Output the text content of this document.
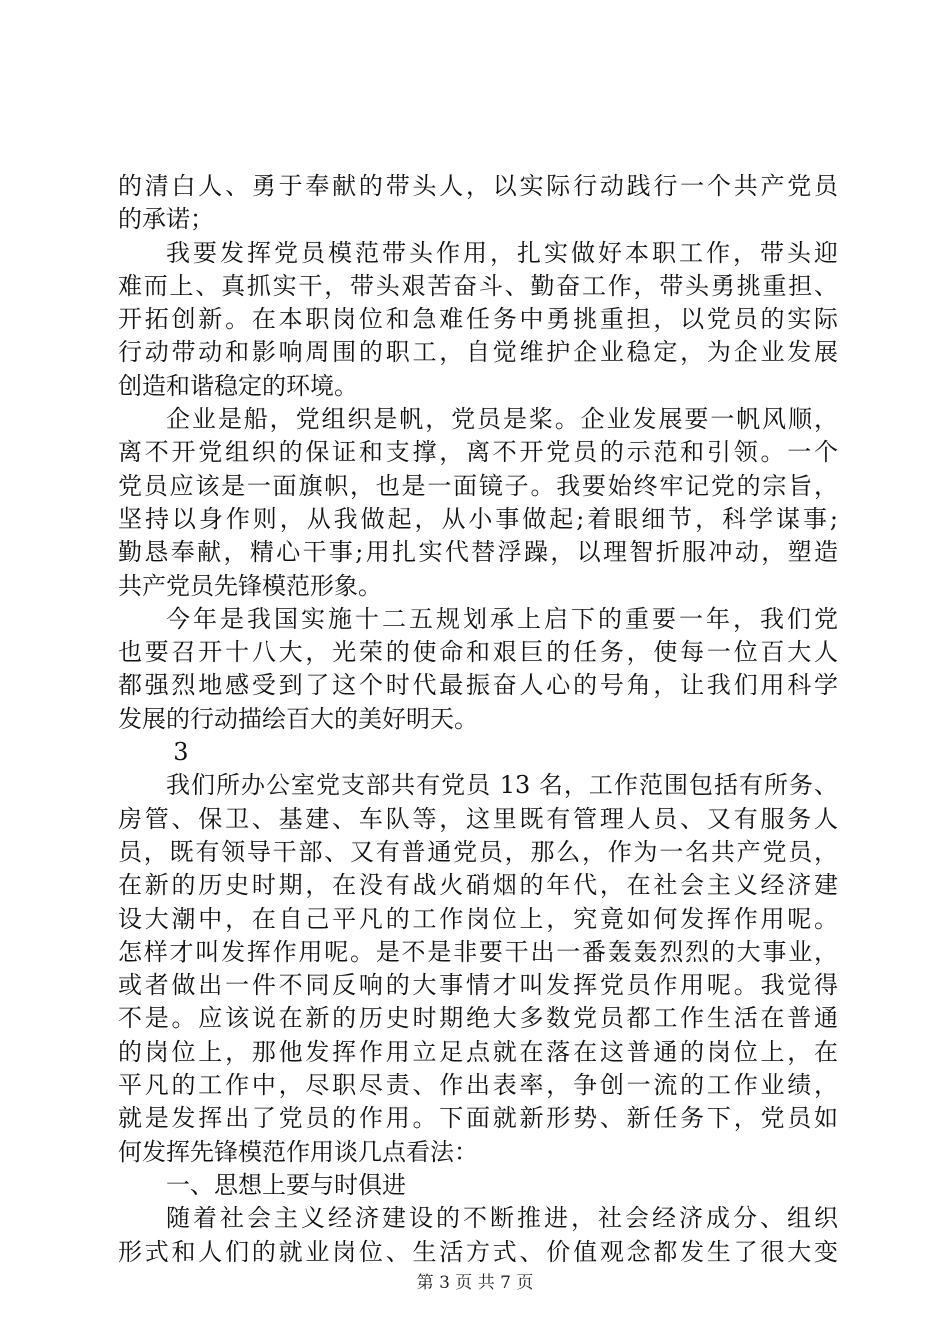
的清白人、勇于奉献的带头人，以实际行动践行一个共产党员
的承诺；
我要发挥党员模范带头作用，扎实做好本职工作，带头迎
难而上、真抓实干，带头艰苦奋斗、勤奋工作，带头勇挑重担、
开拓创新。在本职岗位和急难任务中勇挑重担，以党员的实际
行动带动和影响周围的职工，自觉维护企业稳定，为企业发展
创造和谐稳定的环境。
企业是船，党组织是帆，党员是桨。企业发展要一帆风顺，
离不开党组织的保证和支撑，离不开党员的示范和引领。一个
党员应该是一面旗帜，也是一面镜子。我要始终牢记党的宗旨，
坚持以身作则，从我做起，从小事做起;着眼细节，科学谋事;
勤恳奉献，精心干事;用扎实代替浮躁，以理智折服冲动，塑造
共产党员先锋模范形象。
今年是我国实施十二五规划承上启下的重要一年，我们党
也要召开十八大，光荣的使命和艰巨的任务，使每一位百大人
都强烈地感受到了这个时代最振奋人心的号角，让我们用科学
发展的行动描绘百大的美好明天。
3
我们所办公室党支部共有党员 13 名，工作范围包括有所务、
房管、保卫、基建、车队等，这里既有管理人员、又有服务人
员，既有领导干部、又有普通党员，那么，作为一名共产党员，
在新的历史时期，在没有战火硝烟的年代，在社会主义经济建
设大潮中，在自己平凡的工作岗位上，究竟如何发挥作用呢。
怎样才叫发挥作用呢。是不是非要干出一番轰轰烈烈的大事业，
或者做出一件不同反响的大事情才叫发挥党员作用呢。我觉得
不是。应该说在新的历史时期绝大多数党员都工作生活在普通
的岗位上，那他发挥作用立足点就在落在这普通的岗位上，在
平凡的工作中，尽职尽责、作出表率，争创一流的工作业绩，
就是发挥出了党员的作用。下面就新形势、新任务下，党员如
何发挥先锋模范作用谈几点看法：
一、思想上要与时俱进
随着社会主义经济建设的不断推进，社会经济成分、组织
形式和人们的就业岗位、生活方式、价值观念都发生了很大变
第 3 页 共 7 页
